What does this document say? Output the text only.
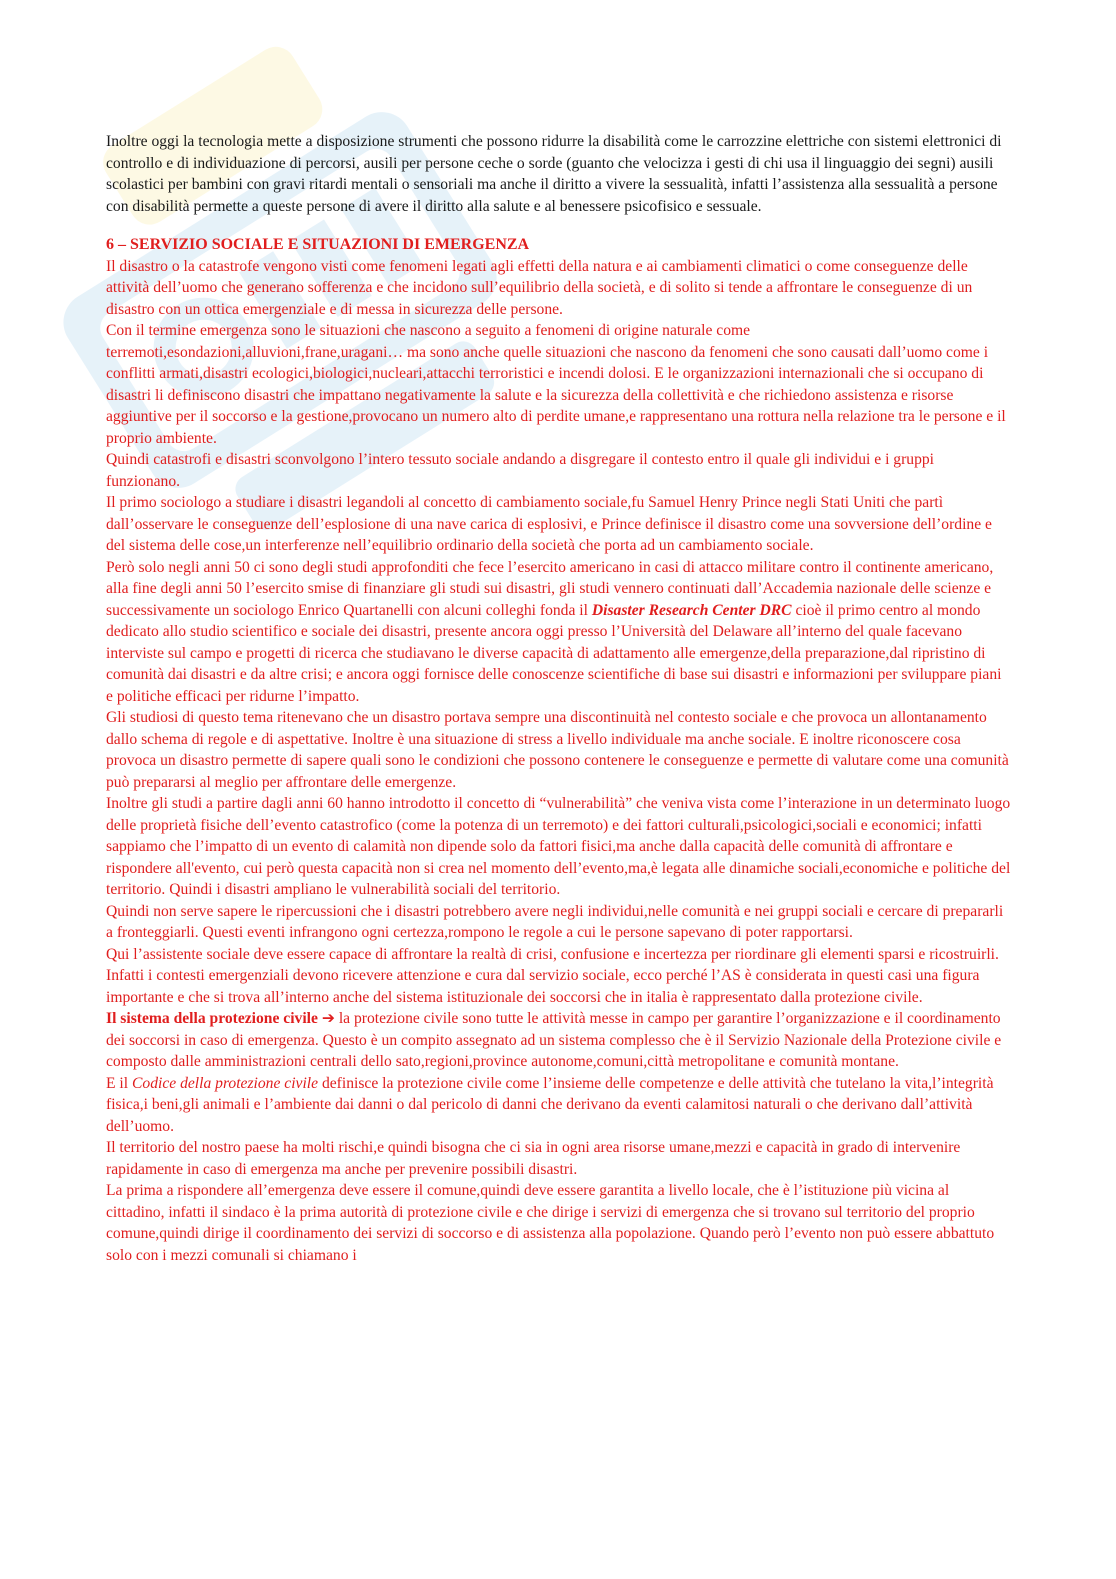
Inoltre oggi la tecnologia mette a disposizione strumenti che possono ridurre la disabilità come le carrozzine elettriche con sistemi elettronici di controllo e di individuazione di percorsi, ausili per persone ceche o sorde (guanto che velocizza i gesti di chi usa il linguaggio dei segni) ausili scolastici per bambini con gravi ritardi mentali o sensoriali ma anche il diritto a vivere la sessualità, infatti l’assistenza alla sessualità a persone con disabilità permette a queste persone di avere il diritto alla salute e al benessere psicofisico e sessuale.

6 – SERVIZIO SOCIALE E SITUAZIONI DI EMERGENZA

Il disastro o la catastrofe vengono visti come fenomeni legati agli effetti della natura e ai cambiamenti climatici o come conseguenze delle attività dell’uomo che generano sofferenza e che incidono sull’equilibrio della società, e di solito si tende a affrontare le conseguenze di un disastro con un ottica emergenziale e di messa in sicurezza delle persone.

Con il termine emergenza sono le situazioni che nascono a seguito a fenomeni di origine naturale come terremoti,esondazioni,alluvioni,frane,uragani… ma sono anche quelle situazioni che nascono da fenomeni che sono causati dall’uomo come i conflitti armati,disastri ecologici,biologici,nucleari,attacchi terroristici e incendi dolosi. E le organizzazioni internazionali che si occupano di disastri li definiscono disastri che impattano negativamente la salute e la sicurezza della collettività e che richiedono assistenza e risorse aggiuntive per il soccorso e la gestione,provocano un numero alto di perdite umane,e rappresentano una rottura nella relazione tra le persone e il proprio ambiente.

Quindi catastrofi e disastri sconvolgono l’intero tessuto sociale andando a disgregare il contesto entro il quale gli individui e i gruppi funzionano.

Il primo sociologo a studiare i disastri legandoli al concetto di cambiamento sociale,fu Samuel Henry Prince negli Stati Uniti che partì dall’osservare le conseguenze dell’esplosione di una nave carica di esplosivi, e Prince definisce il disastro come una sovversione dell’ordine e del sistema delle cose,un interferenze nell’equilibrio ordinario della società che porta ad un cambiamento sociale.

Però solo negli anni 50 ci sono degli studi approfonditi che fece l’esercito americano in casi di attacco militare contro il continente americano, alla fine degli anni 50 l’esercito smise di finanziare gli studi sui disastri, gli studi vennero continuati dall’Accademia nazionale delle scienze e successivamente un sociologo Enrico Quartanelli con alcuni colleghi fonda il Disaster Research Center DRC cioè il primo centro al mondo dedicato allo studio scientifico e sociale dei disastri, presente ancora oggi presso l’Università del Delaware all’interno del quale facevano interviste sul campo e progetti di ricerca che studiavano le diverse capacità di adattamento alle emergenze,della preparazione,dal ripristino di comunità dai disastri e da altre crisi; e ancora oggi fornisce delle conoscenze scientifiche di base sui disastri e informazioni per sviluppare piani e politiche efficaci per ridurne l’impatto.

Gli studiosi di questo tema ritenevano che un disastro portava sempre una discontinuità nel contesto sociale e che provoca un allontanamento dallo schema di regole e di aspettative. Inoltre è una situazione di stress a livello individuale ma anche sociale. E inoltre riconoscere cosa provoca un disastro permette di sapere quali sono le condizioni che possono contenere le conseguenze e permette di valutare come una comunità può prepararsi al meglio per affrontare delle emergenze.

Inoltre gli studi a partire dagli anni 60 hanno introdotto il concetto di “vulnerabilità” che veniva vista come l’interazione in un determinato luogo delle proprietà fisiche dell’evento catastrofico (come la potenza di un terremoto) e dei fattori culturali,psicologici,sociali e economici; infatti sappiamo che l’impatto di un evento di calamità non dipende solo da fattori fisici,ma anche dalla capacità delle comunità di affrontare e rispondere all'evento, cui però questa capacità non si crea nel momento dell’evento,ma,è legata alle dinamiche sociali,economiche e politiche del territorio. Quindi i disastri ampliano le vulnerabilità sociali del territorio.

Quindi non serve sapere le ripercussioni che i disastri potrebbero avere negli individui,nelle comunità e nei gruppi sociali e cercare di prepararli a fronteggiarli. Questi eventi infrangono ogni certezza,rompono le regole a cui le persone sapevano di poter rapportarsi.

Qui l’assistente sociale deve essere capace di affrontare la realtà di crisi, confusione e incertezza per riordinare gli elementi sparsi e ricostruirli. Infatti i contesti emergenziali devono ricevere attenzione e cura dal servizio sociale, ecco perché l’AS è considerata in questi casi una figura importante e che si trova all’interno anche del sistema istituzionale dei soccorsi che in italia è rappresentato dalla protezione civile.

Il sistema della protezione civile ➔ la protezione civile sono tutte le attività messe in campo per garantire l’organizzazione e il coordinamento dei soccorsi in caso di emergenza. Questo è un compito assegnato ad un sistema complesso che è il Servizio Nazionale della Protezione civile e composto dalle amministrazioni centrali dello sato,regioni,province autonome,comuni,città metropolitane e comunità montane.

E il Codice della protezione civile definisce la protezione civile come l’insieme delle competenze e delle attività che tutelano la vita,l’integrità fisica,i beni,gli animali e l’ambiente dai danni o dal pericolo di danni che derivano da eventi calamitosi naturali o che derivano dall’attività dell’uomo.

Il territorio del nostro paese ha molti rischi,e quindi bisogna che ci sia in ogni area risorse umane,mezzi e capacità in grado di intervenire rapidamente in caso di emergenza ma anche per prevenire possibili disastri.

La prima a rispondere all’emergenza deve essere il comune,quindi deve essere garantita a livello locale, che è l’istituzione più vicina al cittadino, infatti il sindaco è la prima autorità di protezione civile e che dirige i servizi di emergenza che si trovano sul territorio del proprio comune,quindi dirige il coordinamento dei servizi di soccorso e di assistenza alla popolazione. Quando però l’evento non può essere abbattuto solo con i mezzi comunali si chiamano i
